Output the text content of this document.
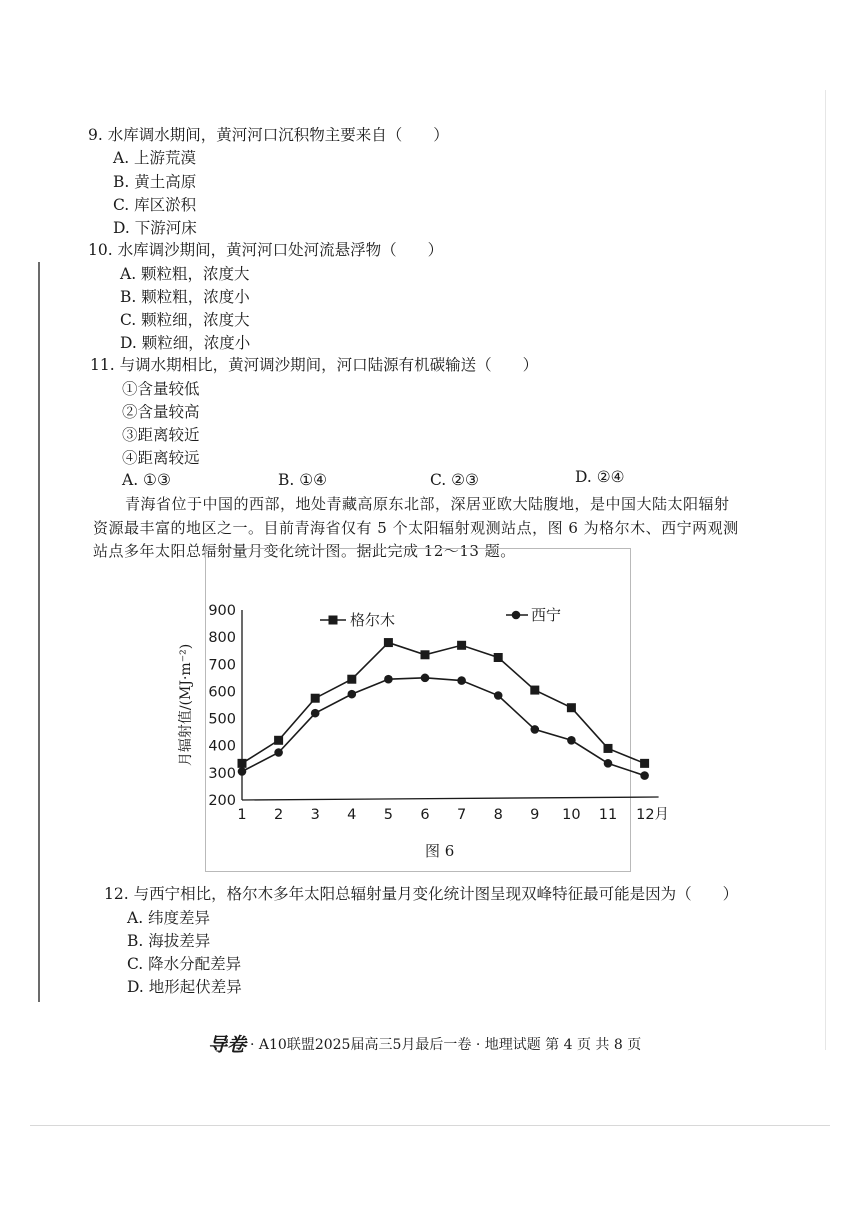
9. 水库调水期间，黄河河口沉积物主要来自（　　）
A. 上游荒漠
B. 黄土高原
C. 库区淤积
D. 下游河床
10. 水库调沙期间，黄河河口处河流悬浮物（　　）
A. 颗粒粗，浓度大
B. 颗粒粗，浓度小
C. 颗粒细，浓度大
D. 颗粒细，浓度小
11. 与调水期相比，黄河调沙期间，河口陆源有机碳输送（　　）
①含量较低
②含量较高
③距离较近
④距离较远
A. ①③	B. ①④	C. ②③	D. ②④
青海省位于中国的西部，地处青藏高原东北部，深居亚欧大陆腹地，是中国大陆太阳辐射
资源最丰富的地区之一。目前青海省仅有 5 个太阳辐射观测站点，图 6 为格尔木、西宁两观测
站点多年太阳总辐射量月变化统计图。据此完成 12～13 题。
200
300
400
500
600
700
800
900
1 2 3 4 5 6 7 8 9 10 11 12月
月辐射值/(MJ·m⁻²)
格尔木	西宁
图 6
12. 与西宁相比，格尔木多年太阳总辐射量月变化统计图呈现双峰特征最可能是因为（　　）
A. 纬度差异
B. 海拔差异
C. 降水分配差异
D. 地形起伏差异
导卷 · A10联盟2025届高三5月最后一卷 · 地理试题 第 4 页 共 8 页
